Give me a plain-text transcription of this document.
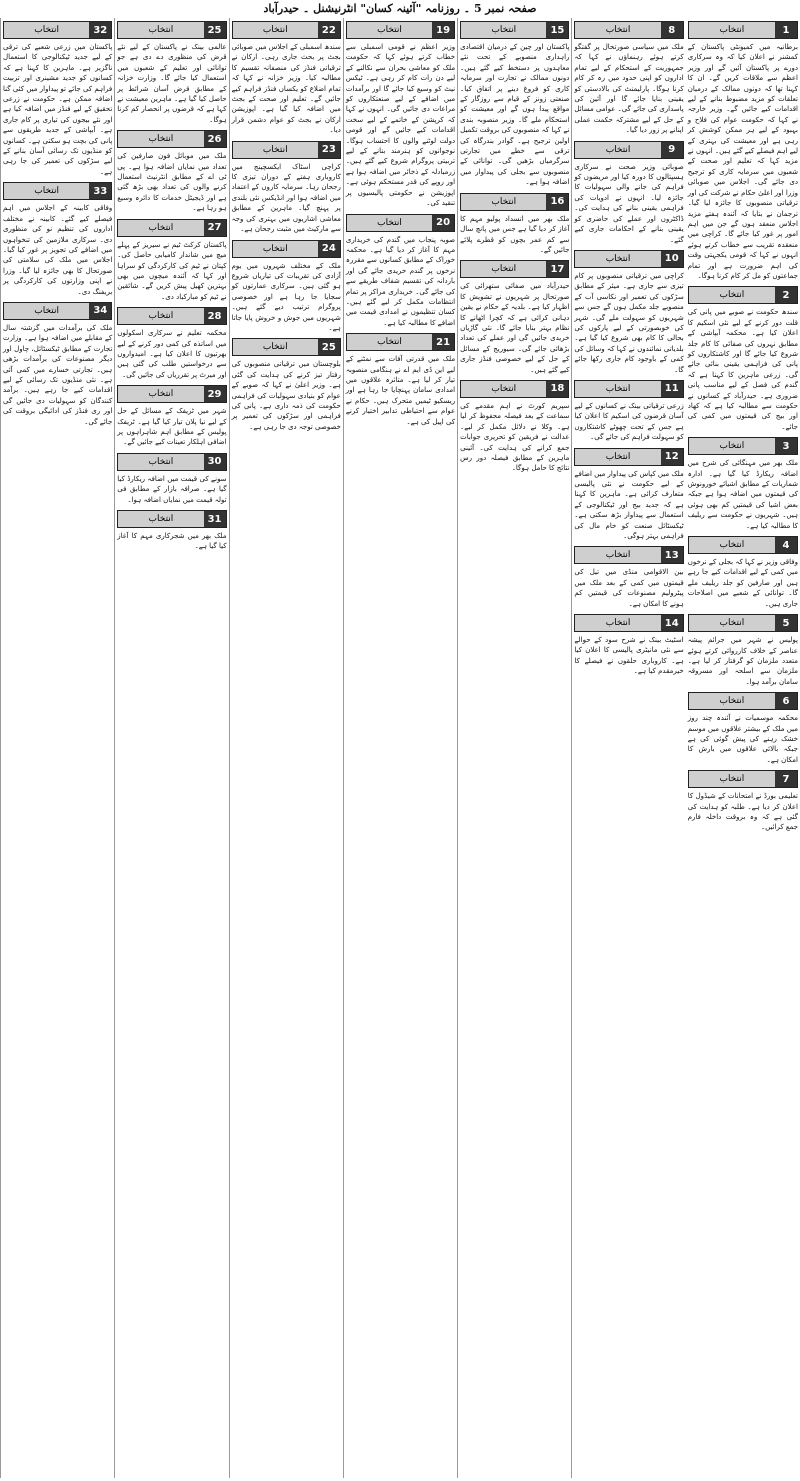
صفحہ نمبر 5 ۔ روزنامہ "آئینہ کسان" انٹرنیشنل ۔ حیدرآباد
انتخاب	1

برطانیہ میں کمیونٹی پاکستان کے کمشنر نے اعلان کیا کہ وہ سرکاری دورے پر پاکستان آئیں گے اور وزیر اعظم سے ملاقات کریں گے۔ ان کا کہنا تھا کہ دونوں ممالک کے درمیان تعلقات کو مزید مضبوط بنانے کے لیے اقدامات کیے جائیں گے۔ وزیر خارجہ نے کہا کہ حکومت عوام کی فلاح و بہبود کے لیے ہر ممکن کوشش کر رہی ہے اور معیشت کی بہتری کے لیے اہم فیصلے کیے گئے ہیں۔ انہوں نے مزید کہا کہ تعلیم اور صحت کے شعبوں میں سرمایہ کاری کو ترجیح دی جائے گی۔ اجلاس میں صوبائی وزرا اور اعلیٰ حکام نے شرکت کی اور ترقیاتی منصوبوں کا جائزہ لیا گیا۔ ترجمان نے بتایا کہ آئندہ ہفتے مزید اجلاس منعقد ہوں گے جن میں اہم امور پر غور کیا جائے گا۔ کراچی میں منعقدہ تقریب سے خطاب کرتے ہوئے انہوں نے کہا کہ قومی یکجہتی وقت کی اہم ضرورت ہے اور تمام جماعتوں کو مل کر کام کرنا ہوگا۔

انتخاب	2

سندھ حکومت نے صوبے میں پانی کی قلت دور کرنے کے لیے نئی اسکیم کا اعلان کیا ہے۔ محکمہ آبپاشی کے مطابق نہروں کی صفائی کا کام جلد شروع کیا جائے گا اور کاشتکاروں کو پانی کی فراہمی یقینی بنائی جائے گی۔ زرعی ماہرین کا کہنا ہے کہ گندم کی فصل کے لیے مناسب پانی ضروری ہے۔ حیدرآباد کے کسانوں نے حکومت سے مطالبہ کیا ہے کہ کھاد اور بیج کی قیمتوں میں کمی کی جائے۔

انتخاب	3

ملک بھر میں مہنگائی کی شرح میں اضافہ ریکارڈ کیا گیا ہے۔ ادارہ شماریات کے مطابق اشیائے خورونوش کی قیمتوں میں اضافہ ہوا ہے جبکہ بعض اشیا کی قیمتیں کم بھی ہوئی ہیں۔ شہریوں نے حکومت سے ریلیف کا مطالبہ کیا ہے۔

انتخاب	4

وفاقی وزیر نے کہا کہ بجلی کے نرخوں میں کمی کے لیے اقدامات کیے جا رہے ہیں اور صارفین کو جلد ریلیف ملے گا۔ توانائی کے شعبے میں اصلاحات جاری ہیں۔

انتخاب	5

پولیس نے شہر میں جرائم پیشہ عناصر کے خلاف کارروائی کرتے ہوئے متعدد ملزمان کو گرفتار کر لیا ہے۔ ملزمان سے اسلحہ اور مسروقہ سامان برآمد ہوا۔

انتخاب	6

محکمہ موسمیات نے آئندہ چند روز میں ملک کے بیشتر علاقوں میں موسم خشک رہنے کی پیش گوئی کی ہے جبکہ بالائی علاقوں میں بارش کا امکان ہے۔

انتخاب	7

تعلیمی بورڈ نے امتحانات کے شیڈول کا اعلان کر دیا ہے۔ طلبہ کو ہدایت کی گئی ہے کہ وہ بروقت داخلہ فارم جمع کرائیں۔

انتخاب	8

ملک میں سیاسی صورتحال پر گفتگو کرتے ہوئے رہنماؤں نے کہا کہ جمہوریت کے استحکام کے لیے تمام اداروں کو اپنی حدود میں رہ کر کام کرنا ہوگا۔ پارلیمنٹ کی بالادستی کو یقینی بنایا جائے گا اور آئین کی پاسداری کی جائے گی۔ عوامی مسائل کے حل کے لیے مشترکہ حکمت عملی اپنانے پر زور دیا گیا۔

انتخاب	9

صوبائی وزیر صحت نے سرکاری ہسپتالوں کا دورہ کیا اور مریضوں کو فراہم کی جانے والی سہولیات کا جائزہ لیا۔ انہوں نے ادویات کی فراہمی یقینی بنانے کی ہدایت کی۔ ڈاکٹروں اور عملے کی حاضری کو یقینی بنانے کے احکامات جاری کیے گئے۔

انتخاب	10

کراچی میں ترقیاتی منصوبوں پر کام تیزی سے جاری ہے۔ میئر کے مطابق سڑکوں کی تعمیر اور نکاسی آب کے منصوبے جلد مکمل ہوں گے جس سے شہریوں کو سہولت ملے گی۔ شہر کی خوبصورتی کے لیے پارکوں کی بحالی کا کام بھی شروع کیا گیا ہے۔ بلدیاتی نمائندوں نے کہا کہ وسائل کی کمی کے باوجود کام جاری رکھا جائے گا۔

انتخاب	11

زرعی ترقیاتی بینک نے کسانوں کے لیے آسان قرضوں کی اسکیم کا اعلان کیا ہے جس کے تحت چھوٹے کاشتکاروں کو سہولت فراہم کی جائے گی۔

انتخاب	12

ملک میں کپاس کی پیداوار میں اضافے کے لیے حکومت نے نئی پالیسی متعارف کرائی ہے۔ ماہرین کا کہنا ہے کہ جدید بیج اور ٹیکنالوجی کے استعمال سے پیداوار بڑھ سکتی ہے۔ ٹیکسٹائل صنعت کو خام مال کی فراہمی بہتر ہوگی۔

انتخاب	13

بین الاقوامی منڈی میں تیل کی قیمتوں میں کمی کے بعد ملک میں پیٹرولیم مصنوعات کی قیمتیں کم ہونے کا امکان ہے۔

انتخاب	14

اسٹیٹ بینک نے شرح سود کے حوالے سے نئی مانیٹری پالیسی کا اعلان کیا ہے۔ کاروباری حلقوں نے فیصلے کا خیرمقدم کیا ہے۔

انتخاب	15

پاکستان اور چین کے درمیان اقتصادی راہداری منصوبے کے تحت نئے معاہدوں پر دستخط کیے گئے ہیں۔ دونوں ممالک نے تجارت اور سرمایہ کاری کو فروغ دینے پر اتفاق کیا۔ صنعتی زونز کے قیام سے روزگار کے مواقع پیدا ہوں گے اور معیشت کو استحکام ملے گا۔ وزیر منصوبہ بندی نے کہا کہ منصوبوں کی بروقت تکمیل اولین ترجیح ہے۔ گوادر بندرگاہ کی ترقی سے خطے میں تجارتی سرگرمیاں بڑھیں گی۔ توانائی کے منصوبوں سے بجلی کی پیداوار میں اضافہ ہوا ہے۔

انتخاب	16

ملک بھر میں انسداد پولیو مہم کا آغاز کر دیا گیا ہے جس میں پانچ سال سے کم عمر بچوں کو قطرے پلائے جائیں گے۔

انتخاب	17

حیدرآباد میں صفائی ستھرائی کی صورتحال پر شہریوں نے تشویش کا اظہار کیا ہے۔ بلدیہ کے حکام نے یقین دہانی کرائی ہے کہ کچرا اٹھانے کا نظام بہتر بنایا جائے گا۔ نئی گاڑیاں خریدی جائیں گی اور عملے کی تعداد بڑھائی جائے گی۔ سیوریج کے مسائل کے حل کے لیے خصوصی فنڈز جاری کیے گئے ہیں۔

انتخاب	18

سپریم کورٹ نے اہم مقدمے کی سماعت کے بعد فیصلہ محفوظ کر لیا ہے۔ وکلا نے دلائل مکمل کر لیے۔ عدالت نے فریقین کو تحریری جوابات جمع کرانے کی ہدایت کی۔ آئینی ماہرین کے مطابق فیصلہ دور رس نتائج کا حامل ہوگا۔

انتخاب	19

وزیر اعظم نے قومی اسمبلی سے خطاب کرتے ہوئے کہا کہ حکومت ملک کو معاشی بحران سے نکالنے کے لیے دن رات کام کر رہی ہے۔ ٹیکس نیٹ کو وسیع کیا جائے گا اور برآمدات میں اضافے کے لیے صنعتکاروں کو مراعات دی جائیں گی۔ انہوں نے کہا کہ کرپشن کے خاتمے کے لیے سخت اقدامات کیے جائیں گے اور قومی دولت لوٹنے والوں کا احتساب ہوگا۔ نوجوانوں کو ہنرمند بنانے کے لیے تربیتی پروگرام شروع کیے گئے ہیں۔ زرمبادلہ کے ذخائر میں اضافہ ہوا ہے اور روپے کی قدر مستحکم ہوئی ہے۔ اپوزیشن نے حکومتی پالیسیوں پر تنقید کی۔

انتخاب	20

صوبہ پنجاب میں گندم کی خریداری مہم کا آغاز کر دیا گیا ہے۔ محکمہ خوراک کے مطابق کسانوں سے مقررہ نرخوں پر گندم خریدی جائے گی اور باردانہ کی تقسیم شفاف طریقے سے کی جائے گی۔ خریداری مراکز پر تمام انتظامات مکمل کر لیے گئے ہیں۔ کسان تنظیموں نے امدادی قیمت میں اضافے کا مطالبہ کیا ہے۔

انتخاب	21

ملک میں قدرتی آفات سے نمٹنے کے لیے این ڈی ایم اے نے ہنگامی منصوبہ تیار کر لیا ہے۔ متاثرہ علاقوں میں امدادی سامان پہنچایا جا رہا ہے اور ریسکیو ٹیمیں متحرک ہیں۔ حکام نے عوام سے احتیاطی تدابیر اختیار کرنے کی اپیل کی ہے۔

انتخاب	22

سندھ اسمبلی کے اجلاس میں صوبائی بجٹ پر بحث جاری رہی۔ ارکان نے ترقیاتی فنڈز کی منصفانہ تقسیم کا مطالبہ کیا۔ وزیر خزانہ نے کہا کہ تمام اضلاع کو یکساں فنڈز فراہم کیے جائیں گے۔ تعلیم اور صحت کے بجٹ میں اضافہ کیا گیا ہے۔ اپوزیشن ارکان نے بجٹ کو عوام دشمن قرار دیا۔

انتخاب	23

کراچی اسٹاک ایکسچینج میں کاروباری ہفتے کے دوران تیزی کا رجحان رہا۔ سرمایہ کاروں کے اعتماد میں اضافہ ہوا اور انڈیکس نئی بلندی پر پہنچ گیا۔ ماہرین کے مطابق معاشی اشاریوں میں بہتری کی وجہ سے مارکیٹ میں مثبت رجحان ہے۔

انتخاب	24

ملک کے مختلف شہروں میں یوم آزادی کی تقریبات کی تیاریاں شروع ہو گئی ہیں۔ سرکاری عمارتوں کو سجایا جا رہا ہے اور خصوصی پروگرام ترتیب دیے گئے ہیں۔ شہریوں میں جوش و خروش پایا جاتا ہے۔

انتخاب	25

بلوچستان میں ترقیاتی منصوبوں کی رفتار تیز کرنے کی ہدایت کی گئی ہے۔ وزیر اعلیٰ نے کہا کہ صوبے کے عوام کو بنیادی سہولیات کی فراہمی حکومت کی ذمہ داری ہے۔ پانی کی فراہمی اور سڑکوں کی تعمیر پر خصوصی توجہ دی جا رہی ہے۔

انتخاب	25

عالمی بینک نے پاکستان کے لیے نئے قرض کی منظوری دے دی ہے جو توانائی اور تعلیم کے شعبوں میں استعمال کیا جائے گا۔ وزارت خزانہ کے مطابق قرض آسان شرائط پر حاصل کیا گیا ہے۔ ماہرین معیشت نے کہا ہے کہ قرضوں پر انحصار کم کرنا ہوگا۔

انتخاب	26

ملک میں موبائل فون صارفین کی تعداد میں نمایاں اضافہ ہوا ہے۔ پی ٹی اے کے مطابق انٹرنیٹ استعمال کرنے والوں کی تعداد بھی بڑھ گئی ہے اور ڈیجیٹل خدمات کا دائرہ وسیع ہو رہا ہے۔

انتخاب	27

پاکستان کرکٹ ٹیم نے سیریز کے پہلے میچ میں شاندار کامیابی حاصل کی۔ کپتان نے ٹیم کی کارکردگی کو سراہا اور کہا کہ آئندہ میچوں میں بھی بہترین کھیل پیش کریں گے۔ شائقین نے ٹیم کو مبارکباد دی۔

انتخاب	28

محکمہ تعلیم نے سرکاری اسکولوں میں اساتذہ کی کمی دور کرنے کے لیے بھرتیوں کا اعلان کیا ہے۔ امیدواروں سے درخواستیں طلب کی گئی ہیں اور میرٹ پر تقرریاں کی جائیں گی۔

انتخاب	29

شہر میں ٹریفک کے مسائل کے حل کے لیے نیا پلان تیار کیا گیا ہے۔ ٹریفک پولیس کے مطابق اہم شاہراہوں پر اضافی اہلکار تعینات کیے جائیں گے۔

انتخاب	30

سونے کی قیمت میں اضافہ ریکارڈ کیا گیا ہے۔ صرافہ بازار کے مطابق فی تولہ قیمت میں نمایاں اضافہ ہوا۔

انتخاب	31

ملک بھر میں شجرکاری مہم کا آغاز کیا گیا ہے۔

انتخاب	32

پاکستان میں زرعی شعبے کی ترقی کے لیے جدید ٹیکنالوجی کا استعمال ناگزیر ہے۔ ماہرین کا کہنا ہے کہ کسانوں کو جدید مشینری اور تربیت فراہم کی جائے تو پیداوار میں کئی گنا اضافہ ممکن ہے۔ حکومت نے زرعی تحقیق کے لیے فنڈز میں اضافہ کیا ہے اور نئے بیجوں کی تیاری پر کام جاری ہے۔ آبپاشی کے جدید طریقوں سے پانی کی بچت ہو سکتی ہے۔ کسانوں کو منڈیوں تک رسائی آسان بنانے کے لیے سڑکوں کی تعمیر کی جا رہی ہے۔

انتخاب	33

وفاقی کابینہ کے اجلاس میں اہم فیصلے کیے گئے۔ کابینہ نے مختلف اداروں کی تنظیم نو کی منظوری دی۔ سرکاری ملازمین کی تنخواہوں میں اضافے کی تجویز پر غور کیا گیا۔ اجلاس میں ملک کی سلامتی کی صورتحال کا بھی جائزہ لیا گیا۔ وزرا نے اپنی وزارتوں کی کارکردگی پر بریفنگ دی۔

انتخاب	34

ملک کی برآمدات میں گزشتہ سال کے مقابلے میں اضافہ ہوا ہے۔ وزارت تجارت کے مطابق ٹیکسٹائل، چاول اور دیگر مصنوعات کی برآمدات بڑھی ہیں۔ تجارتی خسارے میں کمی آئی ہے۔ نئی منڈیوں تک رسائی کے لیے اقدامات کیے جا رہے ہیں۔ برآمد کنندگان کو سہولیات دی جائیں گی اور ری فنڈز کی ادائیگی بروقت کی جائے گی۔
